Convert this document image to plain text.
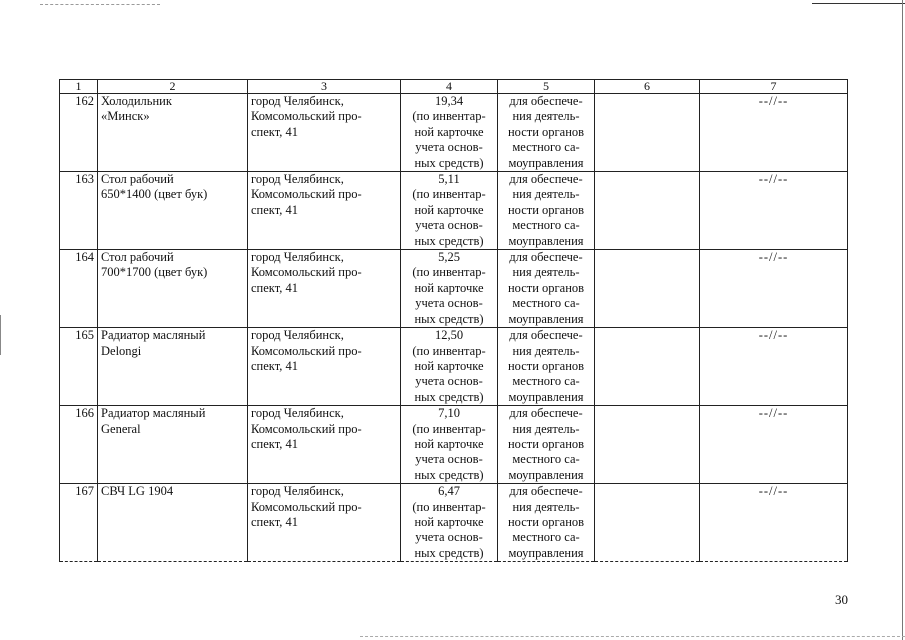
1	2	3	4	5	6	7
162	Холодильник
«Минск»	город Челябинск,
Комсомольский про-
спект, 41	19,34
(по инвентар-
ной карточке
учета основ-
ных средств)	для обеспече-
ния деятель-
ности органов
местного са-
моуправления		--//--
163	Стол рабочий
650*1400 (цвет бук)	город Челябинск,
Комсомольский про-
спект, 41	5,11
(по инвентар-
ной карточке
учета основ-
ных средств)	для обеспече-
ния деятель-
ности органов
местного са-
моуправления		--//--
164	Стол рабочий
700*1700 (цвет бук)	город Челябинск,
Комсомольский про-
спект, 41	5,25
(по инвентар-
ной карточке
учета основ-
ных средств)	для обеспече-
ния деятель-
ности органов
местного са-
моуправления		--//--
165	Радиатор масляный
Delongi	город Челябинск,
Комсомольский про-
спект, 41	12,50
(по инвентар-
ной карточке
учета основ-
ных средств)	для обеспече-
ния деятель-
ности органов
местного са-
моуправления		--//--
166	Радиатор масляный
General	город Челябинск,
Комсомольский про-
спект, 41	7,10
(по инвентар-
ной карточке
учета основ-
ных средств)	для обеспече-
ния деятель-
ности органов
местного са-
моуправления		--//--
167	СВЧ LG 1904	город Челябинск,
Комсомольский про-
спект, 41	6,47
(по инвентар-
ной карточке
учета основ-
ных средств)	для обеспече-
ния деятель-
ности органов
местного са-
моуправления		--//--
30
